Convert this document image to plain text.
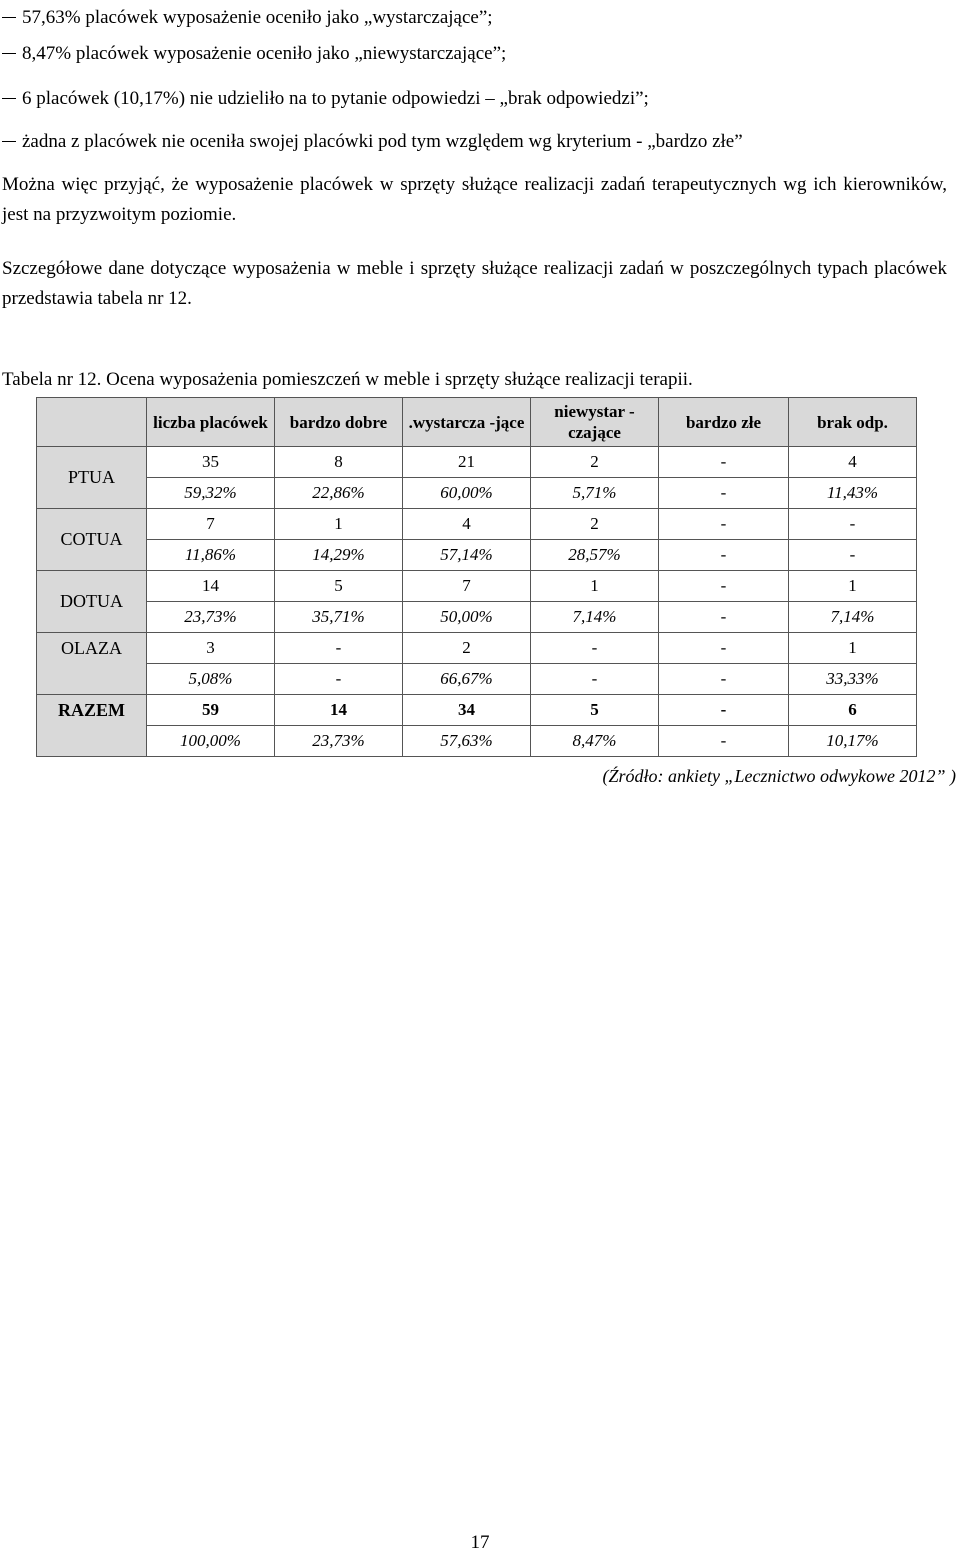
57,63% placówek wyposażenie oceniło jako „wystarczające”;
8,47% placówek wyposażenie oceniło jako „niewystarczające”;
6 placówek (10,17%) nie udzieliło na to pytanie odpowiedzi – „brak odpowiedzi”;
żadna z placówek nie oceniła swojej placówki pod tym względem wg kryterium - „bardzo złe”
Można więc przyjąć, że wyposażenie placówek w sprzęty służące realizacji zadań terapeutycznych wg ich kierowników, jest na przyzwoitym poziomie.
Szczegółowe dane dotyczące wyposażenia w meble i sprzęty służące realizacji zadań w poszczególnych typach placówek przedstawia tabela nr 12.
Tabela nr 12. Ocena wyposażenia pomieszczeń w meble i sprzęty służące realizacji terapii.
	liczba placówek	bardzo dobre	.wystarcza -jące	niewystar -czające	bardzo złe	brak odp.
PTUA	35	8	21	2	-	4
	59,32%	22,86%	60,00%	5,71%	-	11,43%
COTUA	7	1	4	2	-	-
	11,86%	14,29%	57,14%	28,57%	-	-
DOTUA	14	5	7	1	-	1
	23,73%	35,71%	50,00%	7,14%	-	7,14%
OLAZA	3	-	2	-	-	1
	5,08%	-	66,67%	-	-	33,33%
RAZEM	59	14	34	5	-	6
	100,00%	23,73%	57,63%	8,47%	-	10,17%
(Źródło: ankiety „Lecznictwo odwykowe 2012” )
17
